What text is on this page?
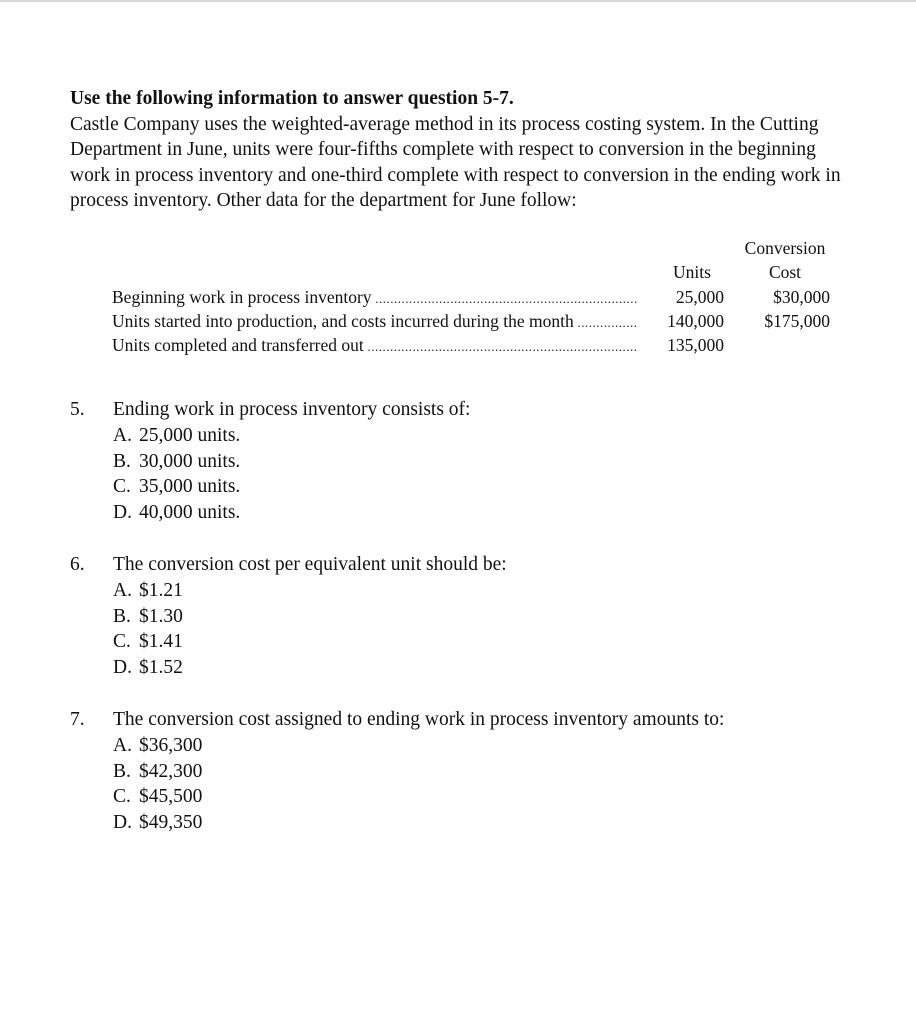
Use the following information to answer question 5-7.
Castle Company uses the weighted-average method in its process costing system. In the Cutting Department in June, units were four-fifths complete with respect to conversion in the beginning work in process inventory and one-third complete with respect to conversion in the ending work in process inventory. Other data for the department for June follow:
Conversion
Units	Cost
Beginning work in process inventory .....	25,000	$30,000
Units started into production, and costs incurred during the month .....	140,000	$175,000
Units completed and transferred out .....	135,000
5. Ending work in process inventory consists of:
A. 25,000 units.
B. 30,000 units.
C. 35,000 units.
D. 40,000 units.
6. The conversion cost per equivalent unit should be:
A. $1.21
B. $1.30
C. $1.41
D. $1.52
7. The conversion cost assigned to ending work in process inventory amounts to:
A. $36,300
B. $42,300
C. $45,500
D. $49,350
